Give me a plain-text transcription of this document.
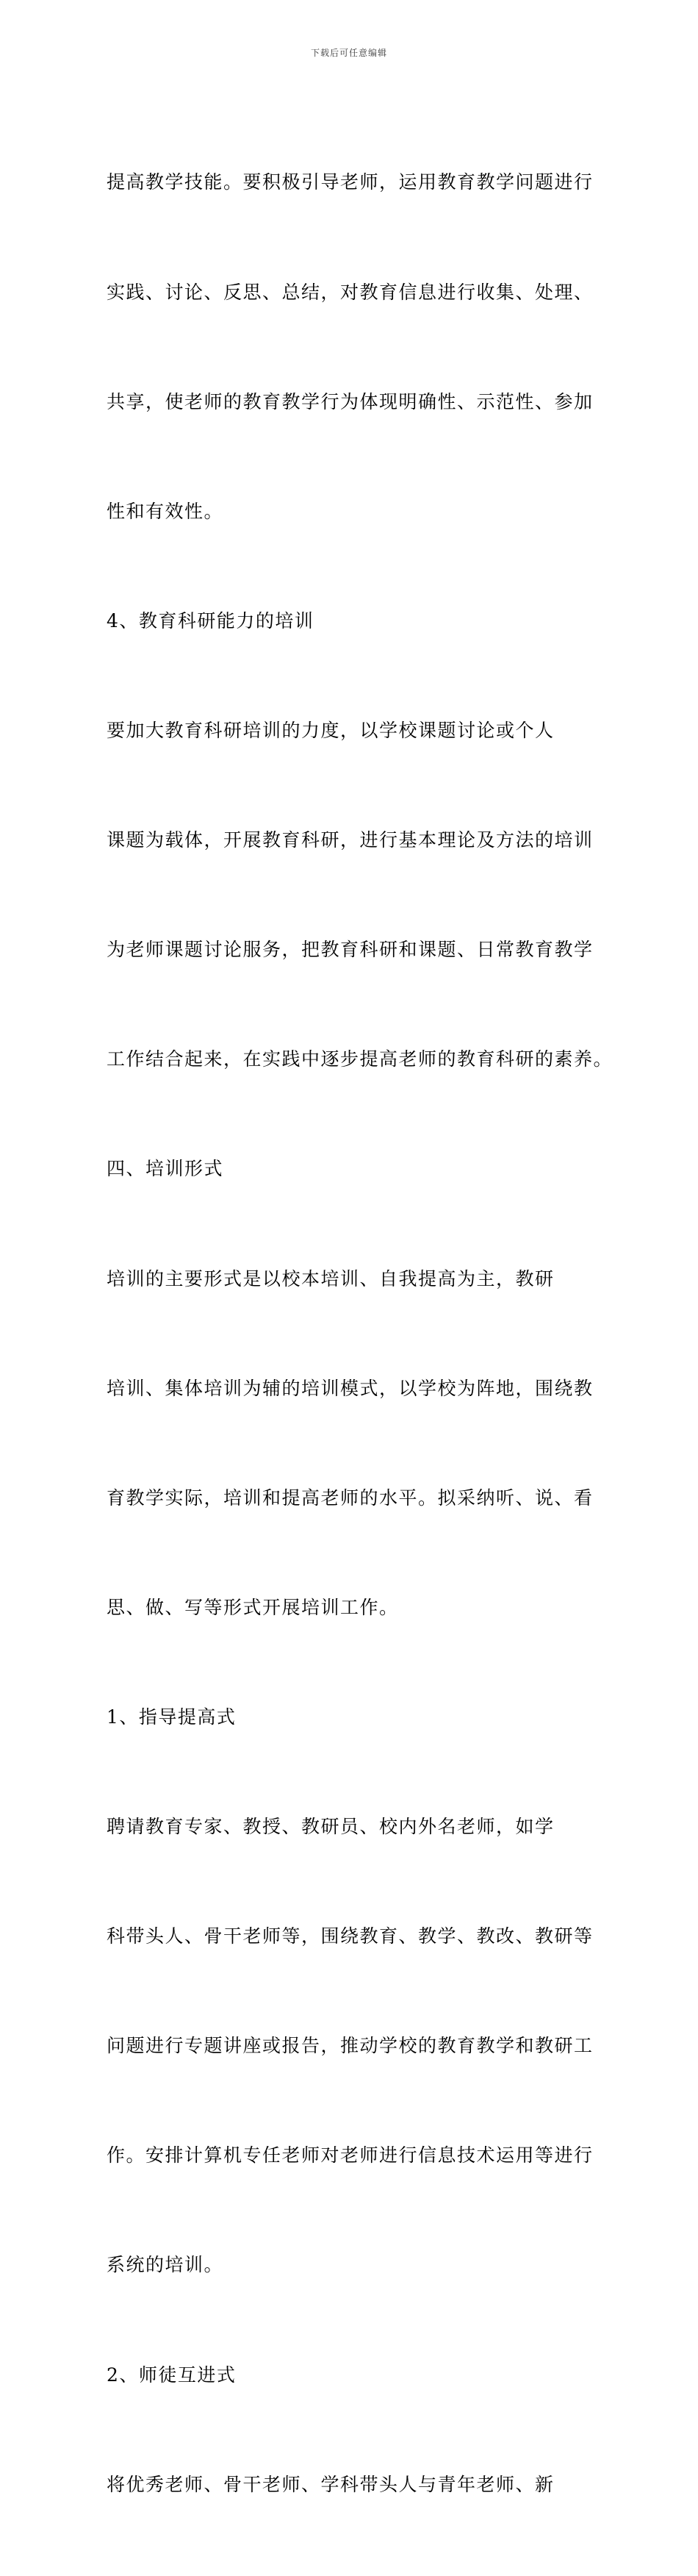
下载后可任意编辑

提高教学技能。要积极引导老师，运用教育教学问题进行

实践、讨论、反思、总结，对教育信息进行收集、处理、

共享，使老师的教育教学行为体现明确性、示范性、参加

性和有效性。

4、教育科研能力的培训

要加大教育科研培训的力度，以学校课题讨论或个人

课题为载体，开展教育科研，进行基本理论及方法的培训

为老师课题讨论服务，把教育科研和课题、日常教育教学

工作结合起来，在实践中逐步提高老师的教育科研的素养。

四、培训形式

培训的主要形式是以校本培训、自我提高为主，教研

培训、集体培训为辅的培训模式，以学校为阵地，围绕教

育教学实际，培训和提高老师的水平。拟采纳听、说、看

思、做、写等形式开展培训工作。

1、指导提高式

聘请教育专家、教授、教研员、校内外名老师，如学

科带头人、骨干老师等，围绕教育、教学、教改、教研等

问题进行专题讲座或报告，推动学校的教育教学和教研工

作。安排计算机专任老师对老师进行信息技术运用等进行

系统的培训。

2、师徒互进式

将优秀老师、骨干老师、学科带头人与青年老师、新
